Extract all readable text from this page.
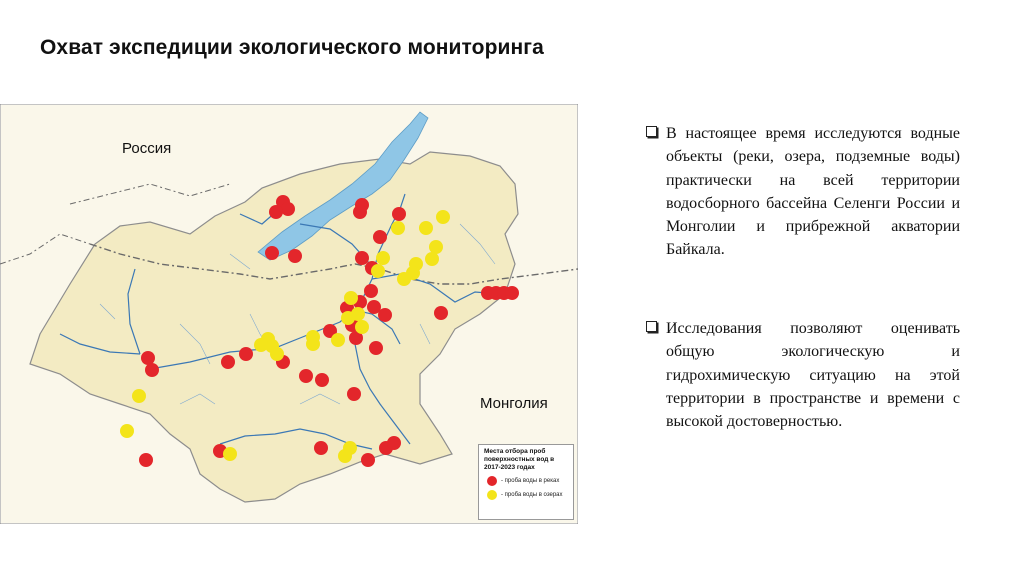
Охват экспедиции экологического мониторинга
Россия
Монголия
Места отбора проб поверхностных вод в 2017-2023 годах
- проба воды в реках
- проба воды в озерах
В настоящее время исследуются водные объекты (реки, озера, подземные воды) практически на всей территории водосборного бассейна Селенги России и Монголии и прибрежной акватории Байкала.
Исследования позволяют оценивать общую экологическую и гидрохимическую ситуацию на этой территории в пространстве и времени с высокой достоверностью.
